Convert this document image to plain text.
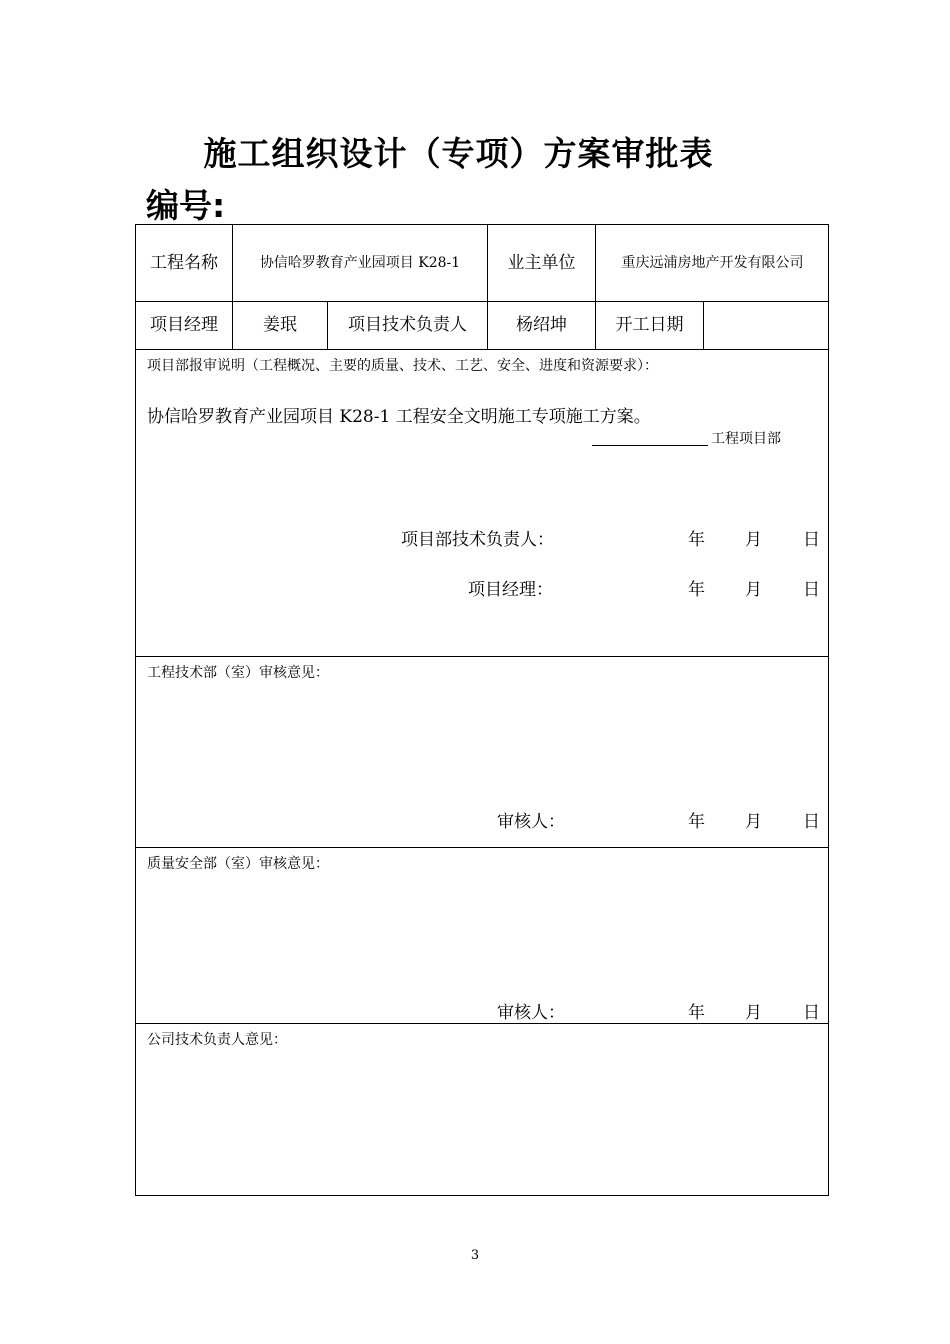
施工组织设计（专项）方案审批表
编号:
工程名称	协信哈罗教育产业园项目 K28-1	业主单位	重庆远浦房地产开发有限公司
项目经理	姜珉	项目技术负责人	杨绍坤	开工日期
项目部报审说明（工程概况、主要的质量、技术、工艺、安全、进度和资源要求）：
协信哈罗教育产业园项目 K28-1 工程安全文明施工专项施工方案。
工程项目部
项目部技术负责人：	年 月 日
项目经理：	年 月 日
工程技术部（室）审核意见：
审核人：	年 月 日
质量安全部（室）审核意见：
审核人：	年 月 日
公司技术负责人意见：
3
